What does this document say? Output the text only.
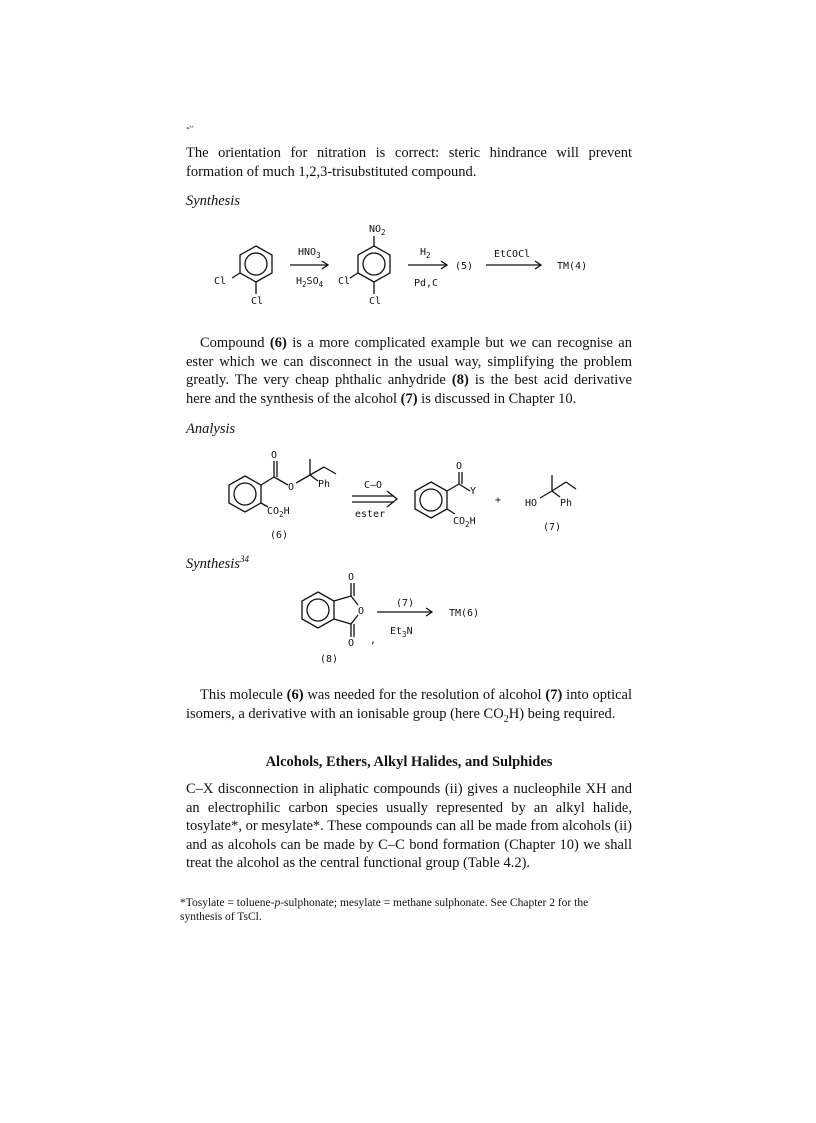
-ᵕ

The orientation for nitration is correct: steric hindrance will prevent formation of much 1,2,3-trisubstituted compound.

Synthesis

Cl
Cl
$HNO_3$
$H_2SO_4$
$NO_2$
Cl
Cl
$H_2$
Pd,C
(5)
EtCOCl
TM(4)

Compound (6) is a more complicated example but we can recognise an ester which we can disconnect in the usual way, simplifying the problem greatly. The very cheap phthalic anhydride (8) is the best acid derivative here and the synthesis of the alcohol (7) is discussed in Chapter 10.

Analysis

O
O Ph
$CO_2H$
(6)
C–O
ester
O
Y
$CO_2H$
+ HO Ph
(7)

Synthesis$^{34}$

O
O
O
(8)
(7)
$Et_3N$
,
TM(6)

This molecule (6) was needed for the resolution of alcohol (7) into optical isomers, a derivative with an ionisable group (here $CO_2H$) being required.

Alcohols, Ethers, Alkyl Halides, and Sulphides

C–X disconnection in aliphatic compounds (ii) gives a nucleophile XH and an electrophilic carbon species usually represented by an alkyl halide, tosylate*, or mesylate*. These compounds can all be made from alcohols (ii) and as alcohols can be made by C–C bond formation (Chapter 10) we shall treat the alcohol as the central functional group (Table 4.2).

*Tosylate = toluene-p-sulphonate; mesylate = methane sulphonate. See Chapter 2 for the synthesis of TsCl.
